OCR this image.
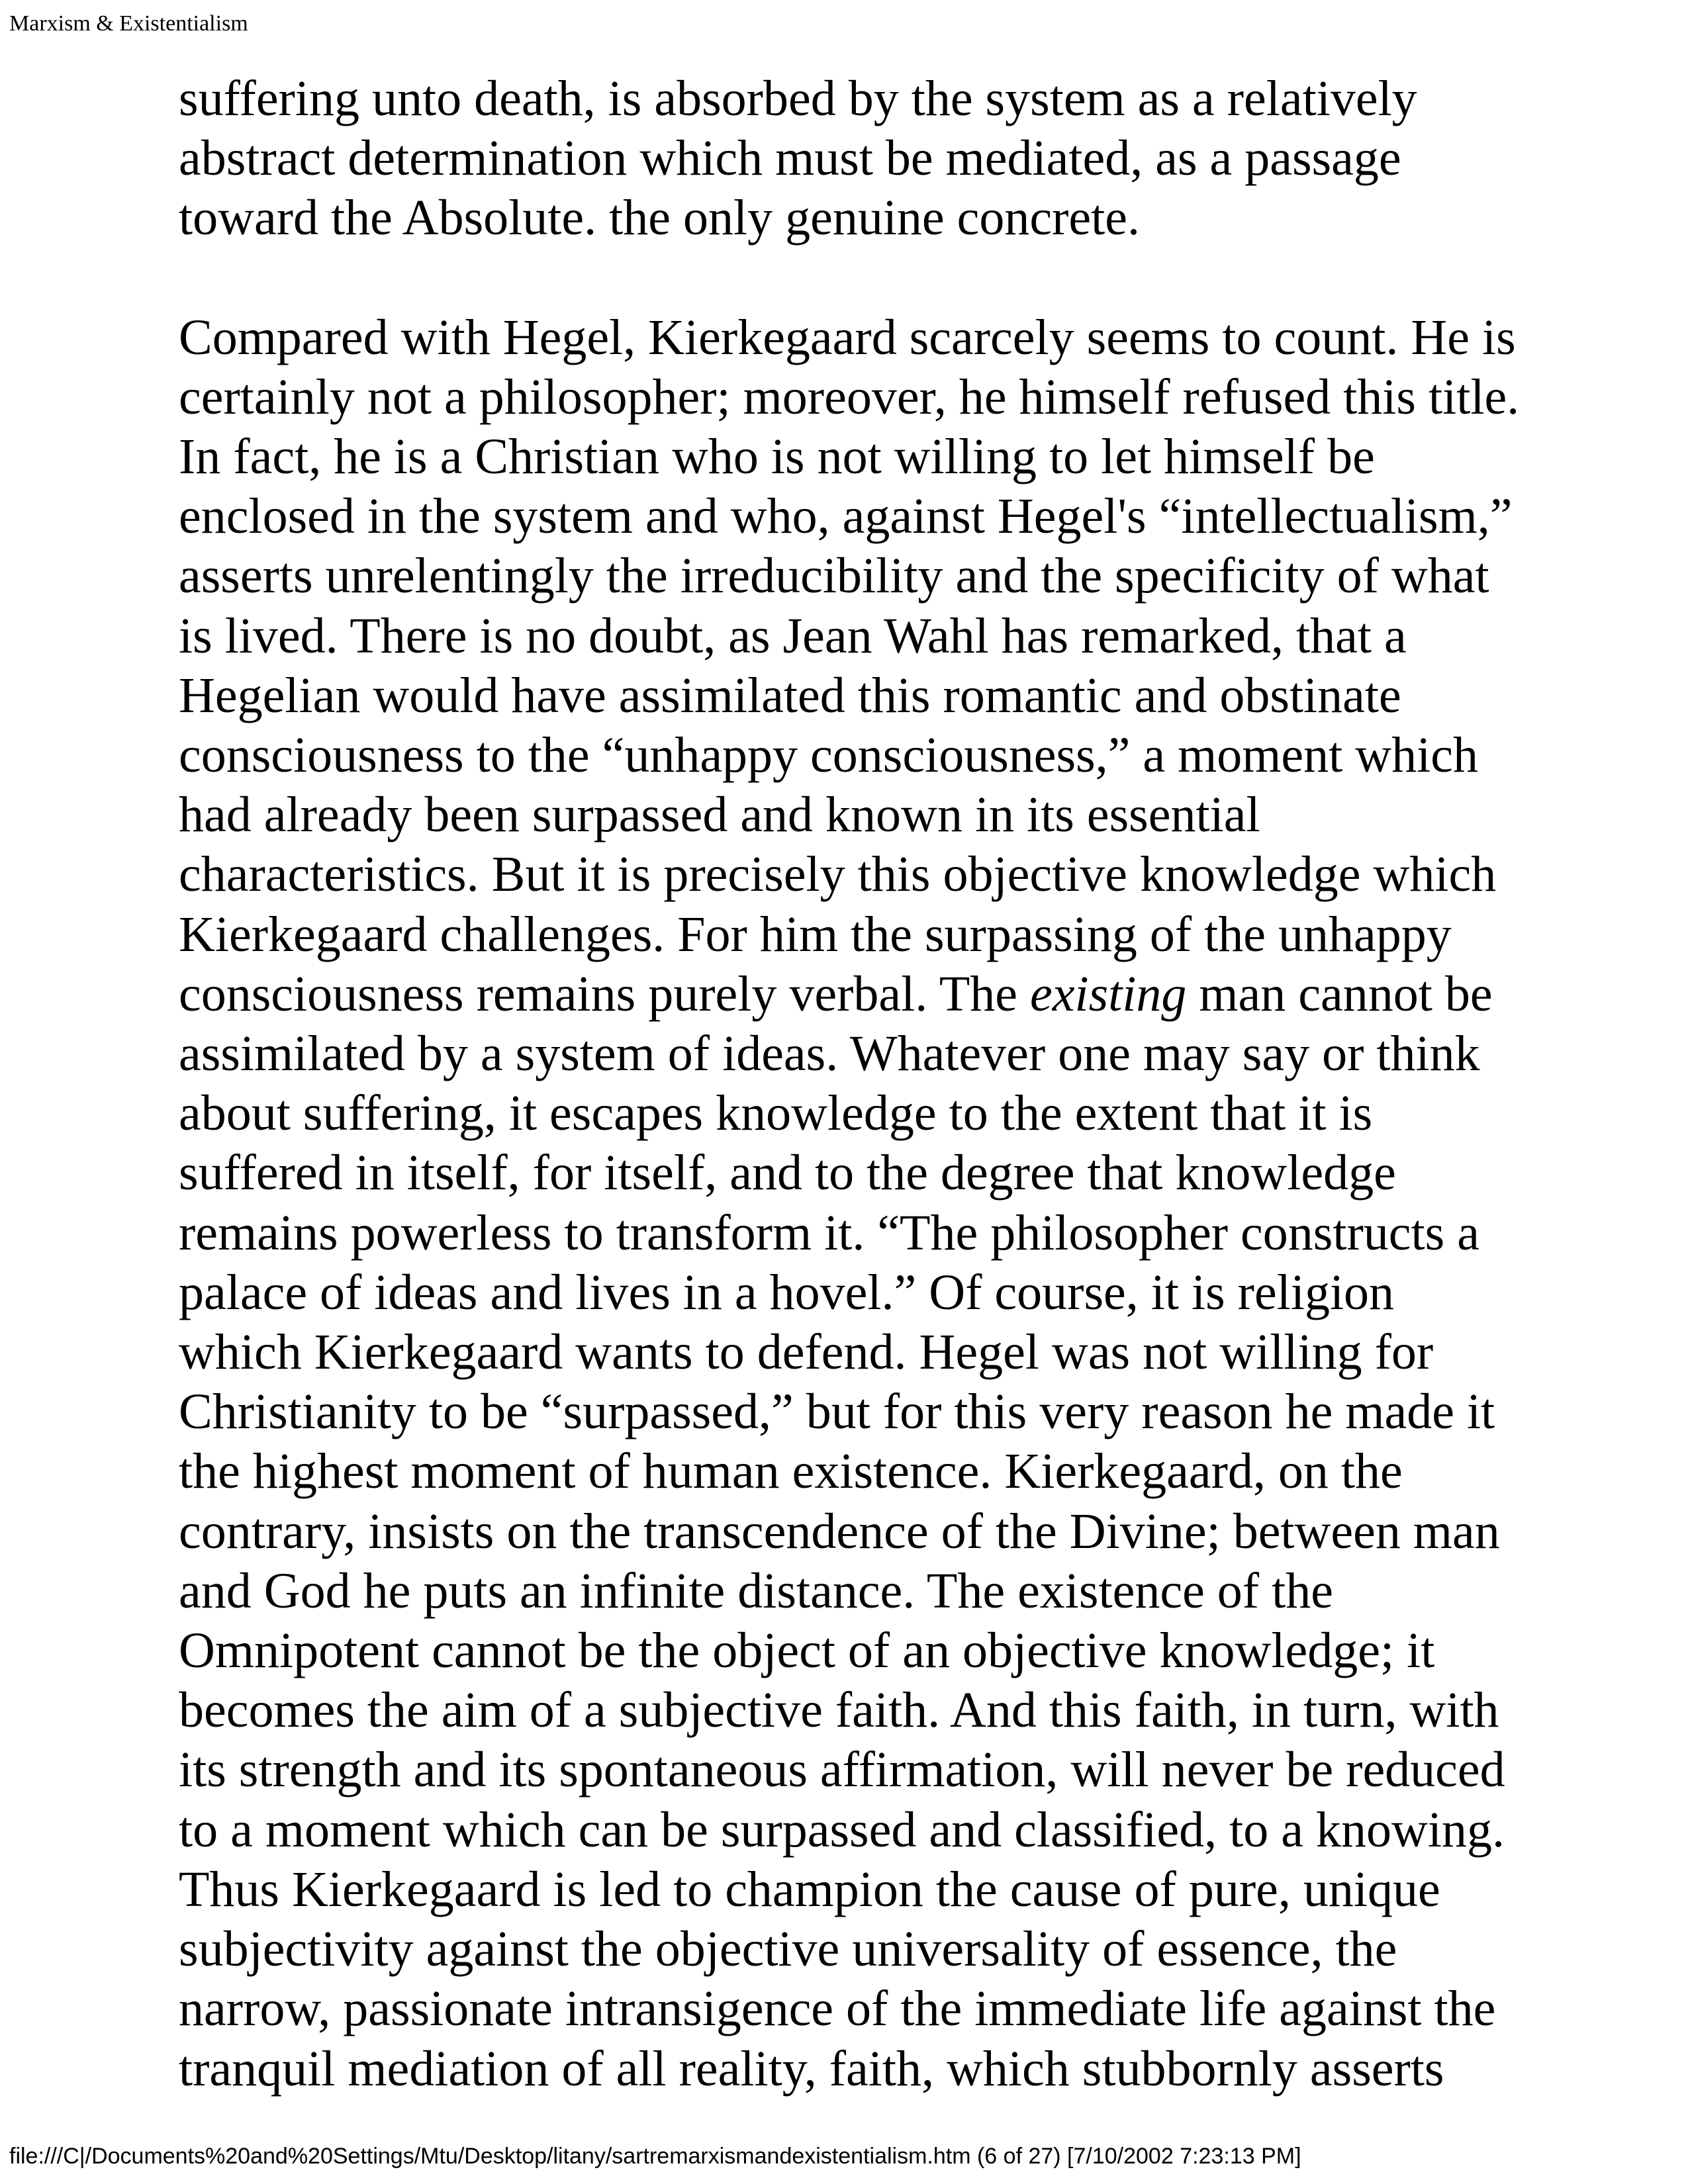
Marxism & Existentialism

suffering unto death, is absorbed by the system as a relatively
abstract determination which must be mediated, as a passage
toward the Absolute. the only genuine concrete.

Compared with Hegel, Kierkegaard scarcely seems to count. He is
certainly not a philosopher; moreover, he himself refused this title.
In fact, he is a Christian who is not willing to let himself be
enclosed in the system and who, against Hegel's “intellectualism,”
asserts unrelentingly the irreducibility and the specificity of what
is lived. There is no doubt, as Jean Wahl has remarked, that a
Hegelian would have assimilated this romantic and obstinate
consciousness to the “unhappy consciousness,” a moment which
had already been surpassed and known in its essential
characteristics. But it is precisely this objective knowledge which
Kierkegaard challenges. For him the surpassing of the unhappy
consciousness remains purely verbal. The existing man cannot be
assimilated by a system of ideas. Whatever one may say or think
about suffering, it escapes knowledge to the extent that it is
suffered in itself, for itself, and to the degree that knowledge
remains powerless to transform it. “The philosopher constructs a
palace of ideas and lives in a hovel.” Of course, it is religion
which Kierkegaard wants to defend. Hegel was not willing for
Christianity to be “surpassed,” but for this very reason he made it
the highest moment of human existence. Kierkegaard, on the
contrary, insists on the transcendence of the Divine; between man
and God he puts an infinite distance. The existence of the
Omnipotent cannot be the object of an objective knowledge; it
becomes the aim of a subjective faith. And this faith, in turn, with
its strength and its spontaneous affirmation, will never be reduced
to a moment which can be surpassed and classified, to a knowing.
Thus Kierkegaard is led to champion the cause of pure, unique
subjectivity against the objective universality of essence, the
narrow, passionate intransigence of the immediate life against the
tranquil mediation of all reality, faith, which stubbornly asserts

file:///C|/Documents%20and%20Settings/Mtu/Desktop/litany/sartremarxismandexistentialism.htm (6 of 27) [7/10/2002 7:23:13 PM]
